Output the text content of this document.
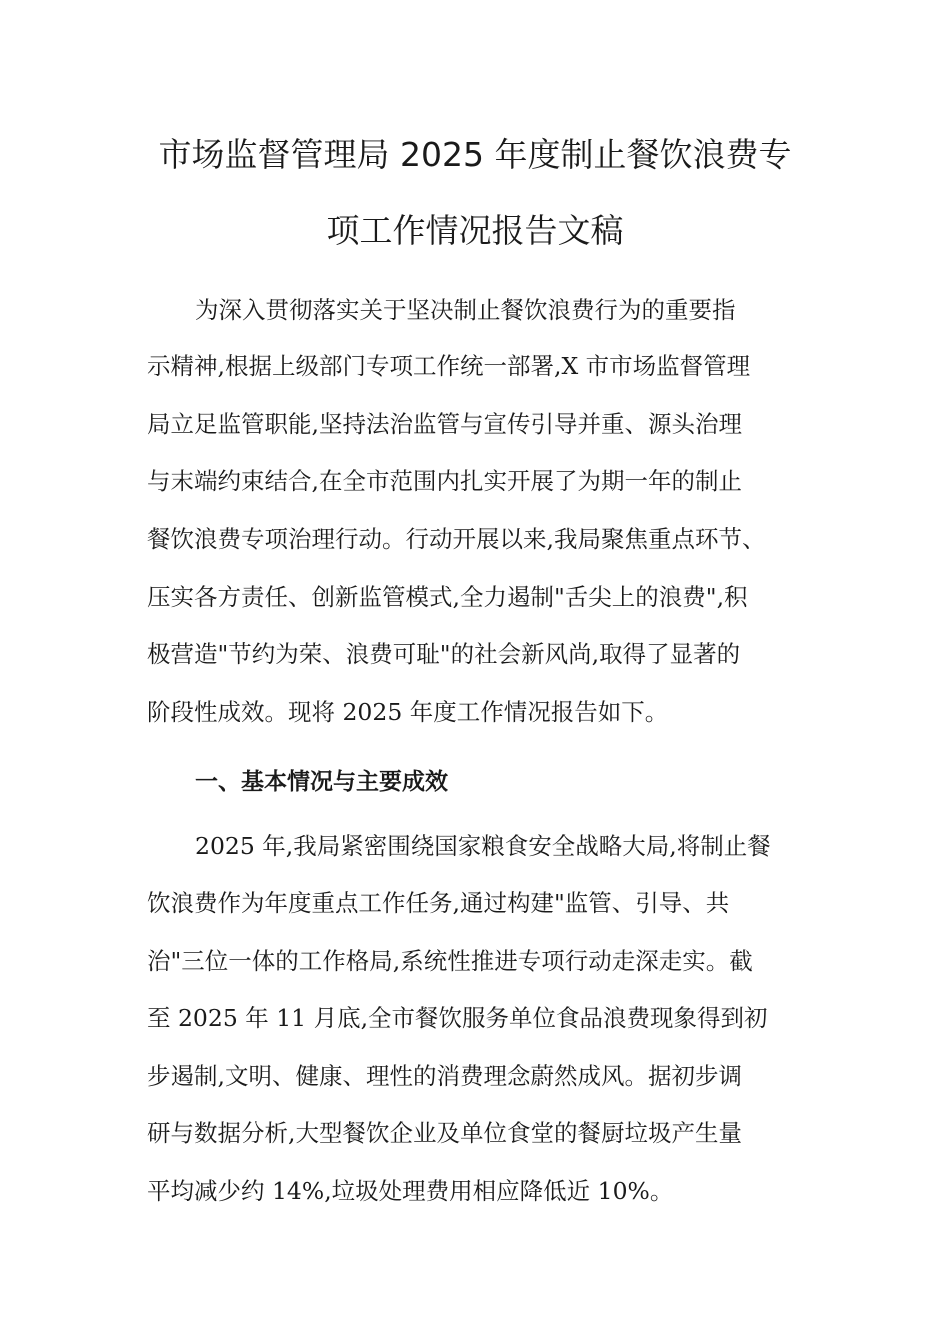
市场监督管理局 2025 年度制止餐饮浪费专
项工作情况报告文稿
为深入贯彻落实关于坚决制止餐饮浪费行为的重要指
示精神,根据上级部门专项工作统一部署,X 市市场监督管理
局立足监管职能,坚持法治监管与宣传引导并重、源头治理
与末端约束结合,在全市范围内扎实开展了为期一年的制止
餐饮浪费专项治理行动。行动开展以来,我局聚焦重点环节、
压实各方责任、创新监管模式,全力遏制"舌尖上的浪费",积
极营造"节约为荣、浪费可耻"的社会新风尚,取得了显著的
阶段性成效。现将 2025 年度工作情况报告如下。
一、基本情况与主要成效
2025 年,我局紧密围绕国家粮食安全战略大局,将制止餐
饮浪费作为年度重点工作任务,通过构建"监管、引导、共
治"三位一体的工作格局,系统性推进专项行动走深走实。截
至 2025 年 11 月底,全市餐饮服务单位食品浪费现象得到初
步遏制,文明、健康、理性的消费理念蔚然成风。据初步调
研与数据分析,大型餐饮企业及单位食堂的餐厨垃圾产生量
平均减少约 14%,垃圾处理费用相应降低近 10%。
